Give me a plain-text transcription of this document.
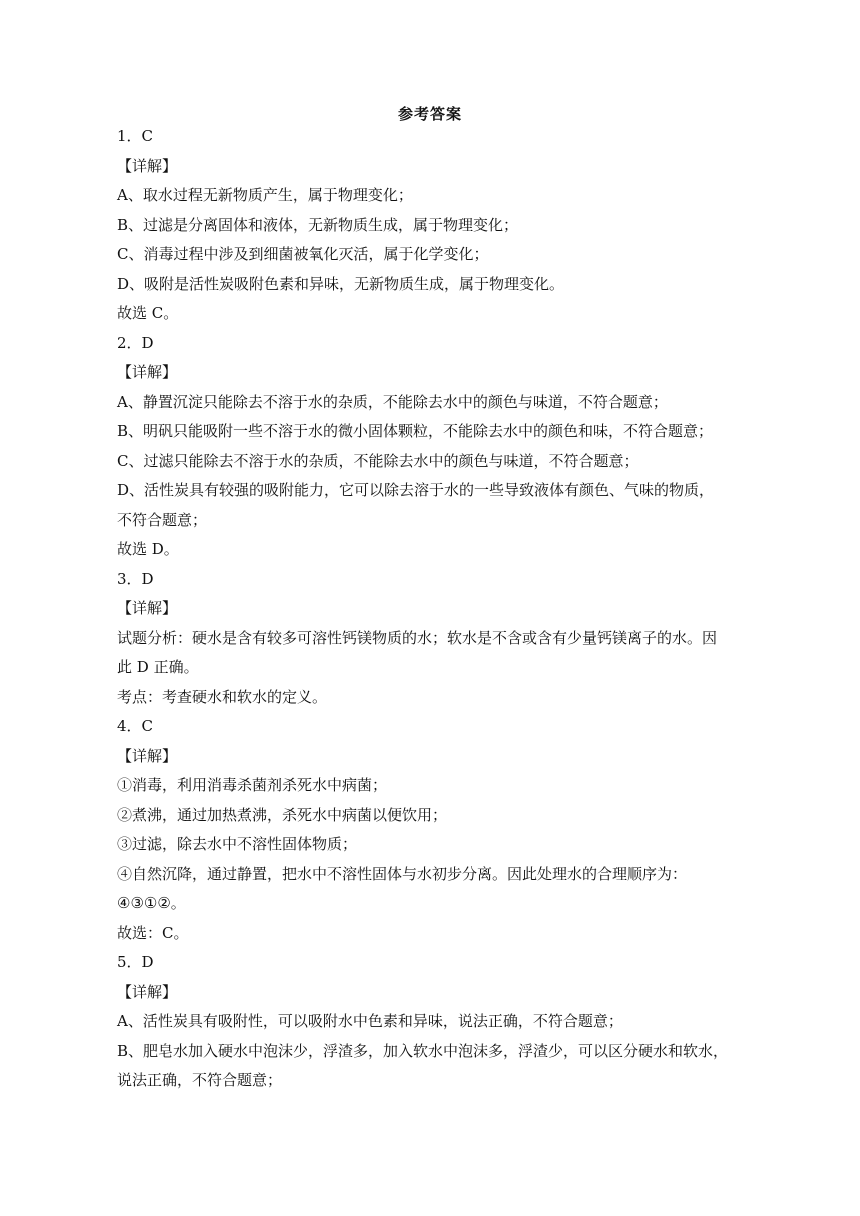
参考答案
1．C
【详解】
A、取水过程无新物质产生，属于物理变化；
B、过滤是分离固体和液体，无新物质生成，属于物理变化；
C、消毒过程中涉及到细菌被氧化灭活，属于化学变化；
D、吸附是活性炭吸附色素和异味，无新物质生成，属于物理变化。
故选 C。
2．D
【详解】
A、静置沉淀只能除去不溶于水的杂质，不能除去水中的颜色与味道，不符合题意；
B、明矾只能吸附一些不溶于水的微小固体颗粒，不能除去水中的颜色和味，不符合题意；
C、过滤只能除去不溶于水的杂质，不能除去水中的颜色与味道，不符合题意；
D、活性炭具有较强的吸附能力，它可以除去溶于水的一些导致液体有颜色、气味的物质，
不符合题意；
故选 D。
3．D
【详解】
试题分析：硬水是含有较多可溶性钙镁物质的水；软水是不含或含有少量钙镁离子的水。因
此 D 正确。
考点：考查硬水和软水的定义。
4．C
【详解】
①消毒，利用消毒杀菌剂杀死水中病菌；
②煮沸，通过加热煮沸，杀死水中病菌以便饮用；
③过滤，除去水中不溶性固体物质；
④自然沉降，通过静置，把水中不溶性固体与水初步分离。因此处理水的合理顺序为：
④③①②。
故选：C。
5．D
【详解】
A、活性炭具有吸附性，可以吸附水中色素和异味，说法正确，不符合题意；
B、肥皂水加入硬水中泡沫少，浮渣多，加入软水中泡沫多，浮渣少，可以区分硬水和软水，
说法正确，不符合题意；
